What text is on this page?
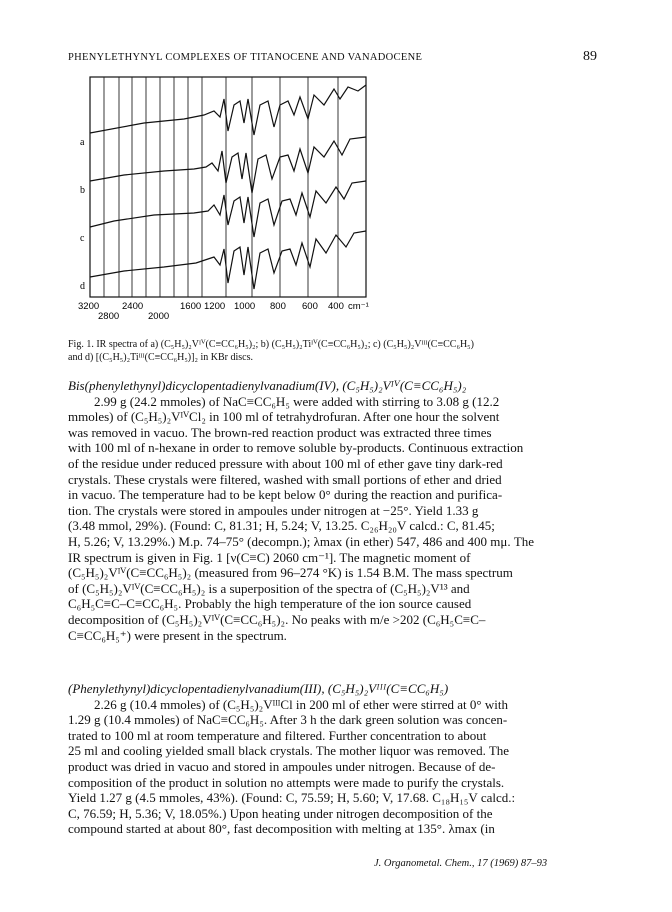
PHENYLETHYNYL COMPLEXES OF TITANOCENE AND VANADOCENE	89
a
b
c
d
3200 2400	1600 1200 1000 800 600 400 cm⁻¹
2800	2000
Fig. 1. IR spectra of a) (C₅H₅)₂Vᴵⱽ(C≡CC₆H₅)₂; b) (C₅H₅)₂Tiᴵⱽ(C≡CC₆H₅)₂; c) (C₅H₅)₂Vᴵᴵᴵ(C≡CC₆H₅)
and d) [(C₅H₅)₂Tiᴵᴵᴵ(C≡CC₆H₅)]₂ in KBr discs.

Bis(phenylethynyl)dicyclopentadienylvanadium(IV), (C₅H₅)₂Vᴵⱽ(C≡CC₆H₅)₂

2.99 g (24.2 mmoles) of NaC≡CC₆H₅ were added with stirring to 3.08 g (12.2

mmoles) of (C₅H₅)₂VᴵⱽCl₂ in 100 ml of tetrahydrofuran. After one hour the solvent

was removed in vacuo. The brown-red reaction product was extracted three times

with 100 ml of n-hexane in order to remove soluble by-products. Continuous extraction

of the residue under reduced pressure with about 100 ml of ether gave tiny dark-red

crystals. These crystals were filtered, washed with small portions of ether and dried

in vacuo. The temperature had to be kept below 0° during the reaction and purifica-

tion. The crystals were stored in ampoules under nitrogen at −25°. Yield 1.33 g

(3.48 mmol, 29%). (Found: C, 81.31; H, 5.24; V, 13.25. C₂₆H₂₀V calcd.: C, 81.45;

H, 5.26; V, 13.29%.) M.p. 74–75° (decompn.); λmax (in ether) 547, 486 and 400 mμ. The

IR spectrum is given in Fig. 1 [ν(C≡C) 2060 cm⁻¹]. The magnetic moment of

(C₅H₅)₂Vᴵⱽ(C≡CC₆H₅)₂ (measured from 96–274 °K) is 1.54 B.M. The mass spectrum

of (C₅H₅)₂Vᴵⱽ(C≡CC₆H₅)₂ is a superposition of the spectra of (C₅H₅)₂V¹³ and

C₆H₅C≡C–C≡CC₆H₅. Probably the high temperature of the ion source caused

decomposition of (C₅H₅)₂Vᴵⱽ(C≡CC₆H₅)₂. No peaks with m/e >202 (C₆H₅C≡C–

C≡CC₆H₅⁺) were present in the spectrum.

(Phenylethynyl)dicyclopentadienylvanadium(III), (C₅H₅)₂Vᴵᴵᴵ(C≡CC₆H₅)

2.26 g (10.4 mmoles) of (C₅H₅)₂VᴵᴵᴵCl in 200 ml of ether were stirred at 0° with

1.29 g (10.4 mmoles) of NaC≡CC₆H₅. After 3 h the dark green solution was concen-

trated to 100 ml at room temperature and filtered. Further concentration to about

25 ml and cooling yielded small black crystals. The mother liquor was removed. The

product was dried in vacuo and stored in ampoules under nitrogen. Because of de-

composition of the product in solution no attempts were made to purify the crystals.

Yield 1.27 g (4.5 mmoles, 43%). (Found: C, 75.59; H, 5.60; V, 17.68. C₁₈H₁₅V calcd.:

C, 76.59; H, 5.36; V, 18.05%.) Upon heating under nitrogen decomposition of the

compound started at about 80°, fast decomposition with melting at 135°. λmax (in

J. Organometal. Chem., 17 (1969) 87–93
